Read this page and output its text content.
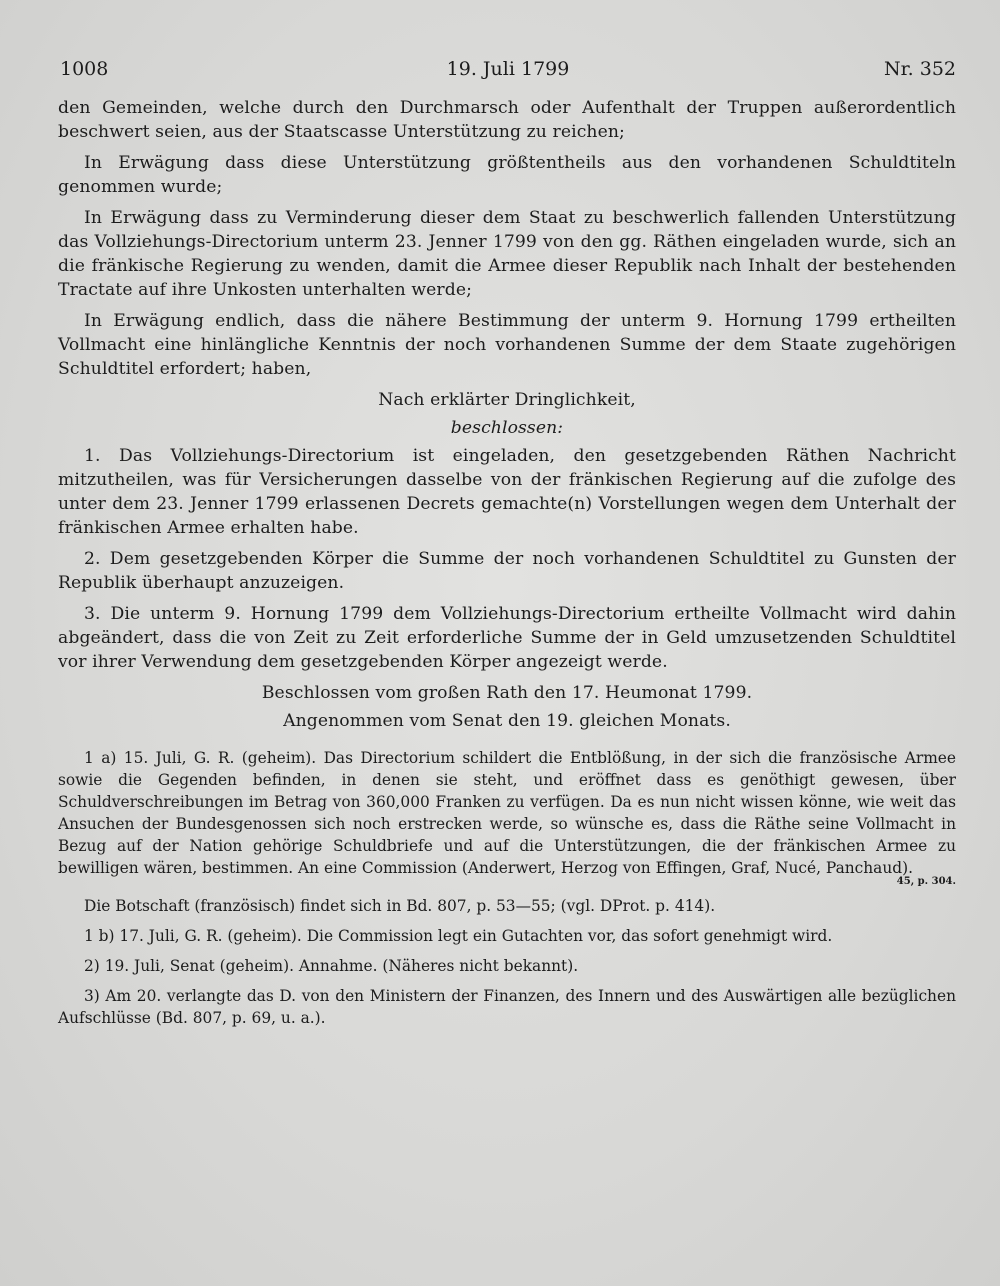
1008	19. Juli 1799	Nr. 352

den Gemeinden, welche durch den Durchmarsch oder Aufenthalt der Truppen außerordentlich beschwert seien, aus der Staatscasse Unterstützung zu reichen;

In Erwägung dass diese Unterstützung größtentheils aus den vorhandenen Schuldtiteln genommen wurde;

In Erwägung dass zu Verminderung dieser dem Staat zu beschwerlich fallenden Unterstützung das Vollziehungs-Directorium unterm 23. Jenner 1799 von den gg. Räthen eingeladen wurde, sich an die fränkische Regierung zu wenden, damit die Armee dieser Republik nach Inhalt der bestehenden Tractate auf ihre Unkosten unterhalten werde;

In Erwägung endlich, dass die nähere Bestimmung der unterm 9. Hornung 1799 ertheilten Vollmacht eine hinlängliche Kenntnis der noch vorhandenen Summe der dem Staate zugehörigen Schuldtitel erfordert; haben,

Nach erklärter Dringlichkeit,

beschlossen:

1. Das Vollziehungs-Directorium ist eingeladen, den gesetzgebenden Räthen Nachricht mitzutheilen, was für Versicherungen dasselbe von der fränkischen Regierung auf die zufolge des unter dem 23. Jenner 1799 erlassenen Decrets gemachte(n) Vorstellungen wegen dem Unterhalt der fränkischen Armee erhalten habe.

2. Dem gesetzgebenden Körper die Summe der noch vorhandenen Schuldtitel zu Gunsten der Republik überhaupt anzuzeigen.

3. Die unterm 9. Hornung 1799 dem Vollziehungs-Directorium ertheilte Vollmacht wird dahin abgeändert, dass die von Zeit zu Zeit erforderliche Summe der in Geld umzusetzenden Schuldtitel vor ihrer Verwendung dem gesetzgebenden Körper angezeigt werde.

Beschlossen vom großen Rath den 17. Heumonat 1799.

Angenommen vom Senat den 19. gleichen Monats.

1 a) 15. Juli, G. R. (geheim). Das Directorium schildert die Entblößung, in der sich die französische Armee sowie die Gegenden befinden, in denen sie steht, und eröffnet dass es genöthigt gewesen, über Schuldverschreibungen im Betrag von 360,000 Franken zu verfügen. Da es nun nicht wissen könne, wie weit das Ansuchen der Bundesgenossen sich noch erstrecken werde, so wünsche es, dass die Räthe seine Vollmacht in Bezug auf der Nation gehörige Schuldbriefe und auf die Unterstützungen, die der fränkischen Armee zu bewilligen wären, bestimmen. An eine Commission (Anderwert, Herzog von Effingen, Graf, Nucé, Panchaud).
45, p. 304.

Die Botschaft (französisch) findet sich in Bd. 807, p. 53—55; (vgl. DProt. p. 414).

1 b) 17. Juli, G. R. (geheim). Die Commission legt ein Gutachten vor, das sofort genehmigt wird.

2) 19. Juli, Senat (geheim). Annahme. (Näheres nicht bekannt).

3) Am 20. verlangte das D. von den Ministern der Finanzen, des Innern und des Auswärtigen alle bezüglichen Aufschlüsse (Bd. 807, p. 69, u. a.).
